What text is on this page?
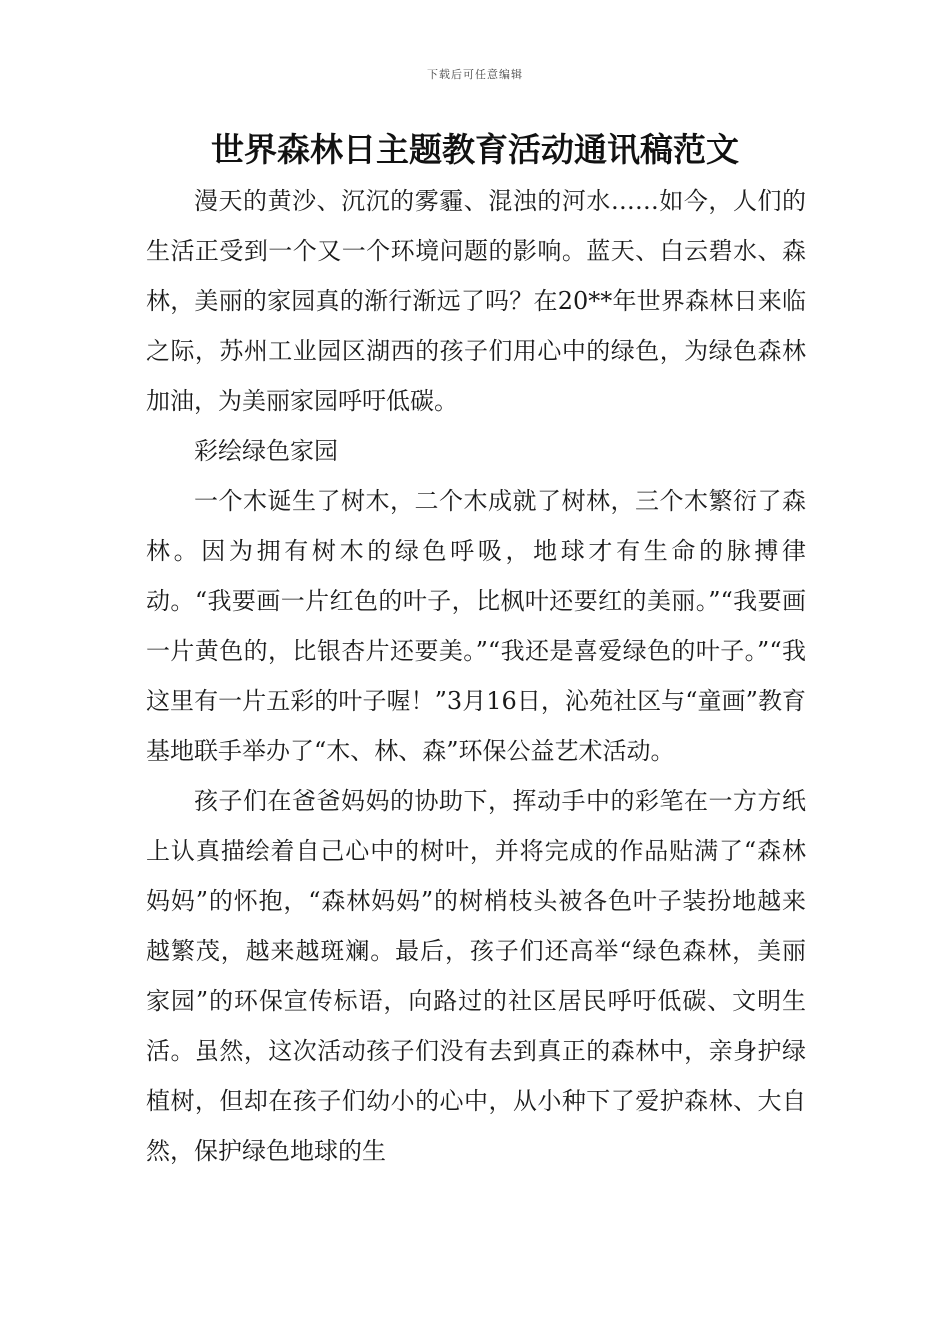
下载后可任意编辑
世界森林日主题教育活动通讯稿范文

漫天的黄沙、沉沉的雾霾、混浊的河水……如今，人们的生活正受到一个又一个环境问题的影响。蓝天、白云碧水、森林，美丽的家园真的渐行渐远了吗？在20**年世界森林日来临之际，苏州工业园区湖西的孩子们用心中的绿色，为绿色森林加油，为美丽家园呼吁低碳。

彩绘绿色家园

一个木诞生了树木，二个木成就了树林，三个木繁衍了森林。因为拥有树木的绿色呼吸，地球才有生命的脉搏律动。“我要画一片红色的叶子，比枫叶还要红的美丽。”“我要画一片黄色的，比银杏片还要美。”“我还是喜爱绿色的叶子。”“我这里有一片五彩的叶子喔！”3月16日，沁苑社区与“童画”教育基地联手举办了“木、林、森”环保公益艺术活动。

孩子们在爸爸妈妈的协助下，挥动手中的彩笔在一方方纸上认真描绘着自己心中的树叶，并将完成的作品贴满了“森林妈妈”的怀抱，“森林妈妈”的树梢枝头被各色叶子装扮地越来越繁茂，越来越斑斓。最后，孩子们还高举“绿色森林，美丽家园”的环保宣传标语，向路过的社区居民呼吁低碳、文明生活。虽然，这次活动孩子们没有去到真正的森林中，亲身护绿植树，但却在孩子们幼小的心中，从小种下了爱护森林、大自然，保护绿色地球的生
